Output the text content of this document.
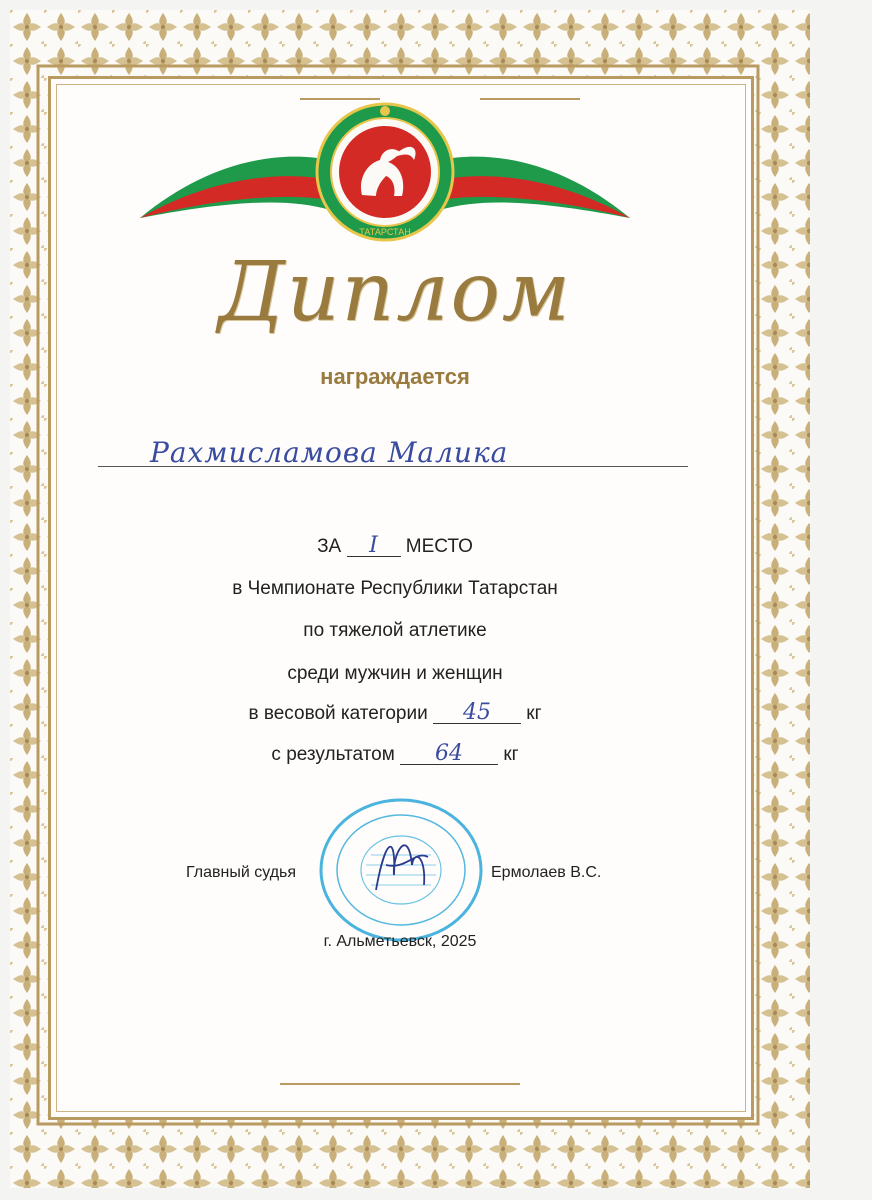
ТАТАРСТАН
Диплом
награждается
Рахмисламова Малика
ЗА I МЕСТО
в Чемпионате Республики Татарстан
по тяжелой атлетике
среди мужчин и женщин
в весовой категории 45 кг
с результатом 64 кг
Главный судья	Ермолаев В.С.
г. Альметьевск, 2025
